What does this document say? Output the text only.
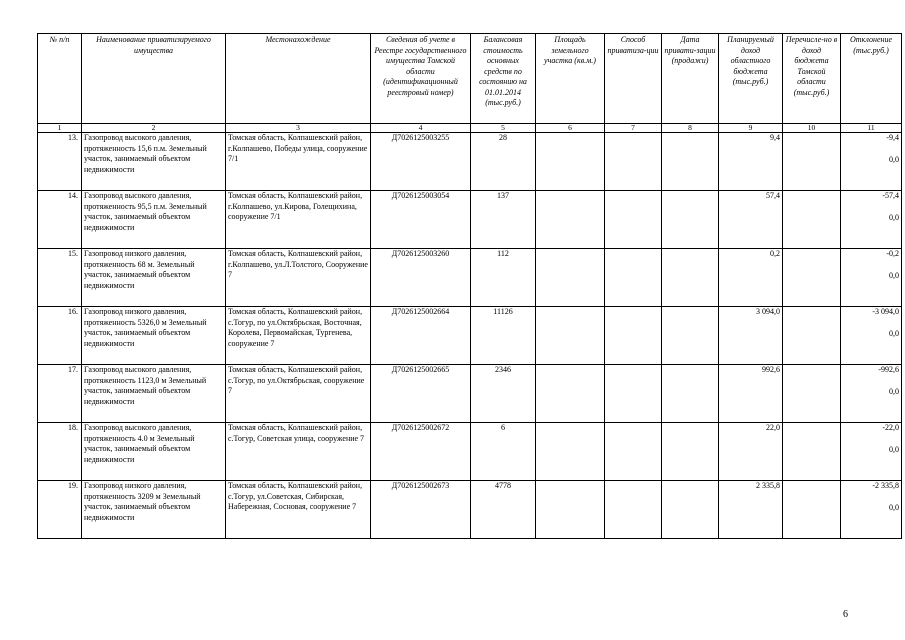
№ п/п	Наименование приватизируемого имущества	Местонахождение	Сведения об учете в Реестре государственного имущества Томской области (идентификационный реестровый номер)	Балансовая стоимость основных средств по состоянию на 01.01.2014 (тыс.руб.)	Площадь земельного участка (кв.м.)	Способ приватиза-ции	Дата привати-зации (продажи)	Планируемый доход областного бюджета (тыс.руб.)	Перечисле-но в доход бюджета Томской области (тыс.руб.)	Отклонение (тыс.руб.)
1	2	3	4	5	6	7	8	9	10	11
13.	Газопровод высокого давления, протяженность 15,6 п.м. Земельный участок, занимаемый объектом недвижимости	Томская область, Колпашевский район, г.Колпашево, Победы улица, сооружение 7/1	Д7026125003255	28				9,4		-9,4
0,0
14.	Газопровод высокого давления, протяженность 95,5 п.м. Земельный участок, занимаемый объектом недвижимости	Томская область, Колпашевский район, г.Колпашево, ул.Кирова, Голещихина, сооружение 7/1	Д7026125003054	137				57,4		-57,4
0,0
15.	Газопровод низкого давления, протяженность 68 м. Земельный участок, занимаемый объектом недвижимости	Томская область, Колпашевский район, г.Колпашево, ул.Л.Толстого, Сооружение 7	Д7026125003260	112				0,2		-0,2
0,0
16.	Газопровод низкого давления, протяженность 5326,0 м Земельный участок, занимаемый объектом недвижимости	Томская область, Колпашевский район, с.Тогур, по ул.Октябрьская, Восточная, Королева, Первомайская, Тургенева, сооружение 7	Д7026125002664	11126				3 094,0		-3 094,0
0,0
17.	Газопровод высокого давления, протяженность 1123,0 м Земельный участок, занимаемый объектом недвижимости	Томская область, Колпашевский район, с.Тогур, по ул.Октябрьская, сооружение 7	Д7026125002665	2346				992,6		-992,6
0,0
18.	Газопровод высокого давления, протяженность 4.0 м Земельный участок, занимаемый объектом недвижимости	Томская область, Колпашевский район, с.Тогур, Советская улица, сооружение 7	Д7026125002672	6				22,0		-22,0
0,0
19.	Газопровод низкого давления, протяженность 3209 м Земельный участок, занимаемый объектом недвижимости	Томская область, Колпашевский район, с.Тогур, ул.Советская, Сибирская, Набережная, Сосновая, сооружение 7	Д7026125002673	4778				2 335,8		-2 335,8
0,0
6
